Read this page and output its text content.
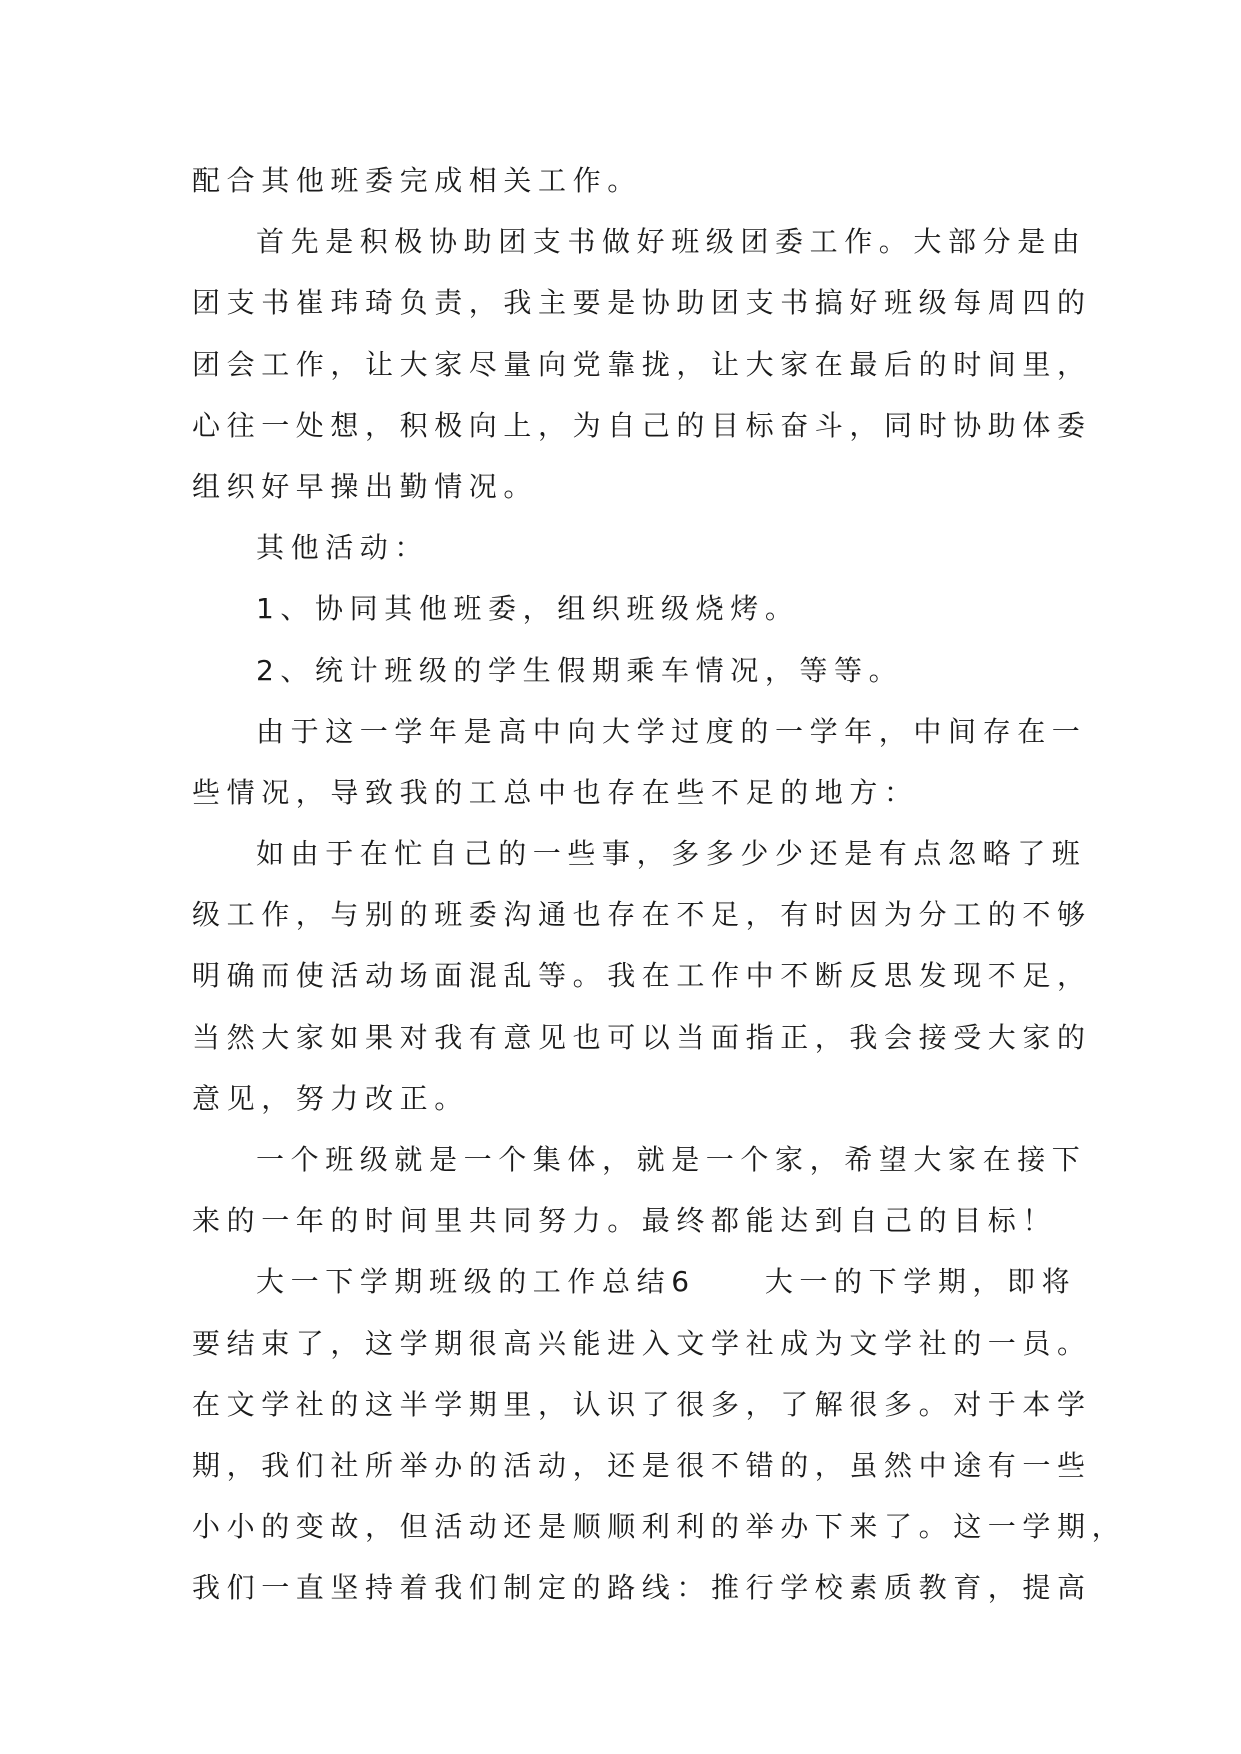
配合其他班委完成相关工作。
首先是积极协助团支书做好班级团委工作。大部分是由
团支书崔玮琦负责，我主要是协助团支书搞好班级每周四的
团会工作，让大家尽量向党靠拢，让大家在最后的时间里，
心往一处想，积极向上，为自己的目标奋斗，同时协助体委
组织好早操出勤情况。
其他活动：
1、协同其他班委，组织班级烧烤。
2、统计班级的学生假期乘车情况，等等。
由于这一学年是高中向大学过度的一学年，中间存在一
些情况，导致我的工总中也存在些不足的地方：
如由于在忙自己的一些事，多多少少还是有点忽略了班
级工作，与别的班委沟通也存在不足，有时因为分工的不够
明确而使活动场面混乱等。我在工作中不断反思发现不足，
当然大家如果对我有意见也可以当面指正，我会接受大家的
意见，努力改正。
一个班级就是一个集体，就是一个家，希望大家在接下
来的一年的时间里共同努力。最终都能达到自己的目标！
大一下学期班级的工作总结6　　大一的下学期，即将
要结束了，这学期很高兴能进入文学社成为文学社的一员。
在文学社的这半学期里，认识了很多，了解很多。对于本学
期，我们社所举办的活动，还是很不错的，虽然中途有一些
小小的变故，但活动还是顺顺利利的举办下来了。这一学期，
我们一直坚持着我们制定的路线：推行学校素质教育，提高
